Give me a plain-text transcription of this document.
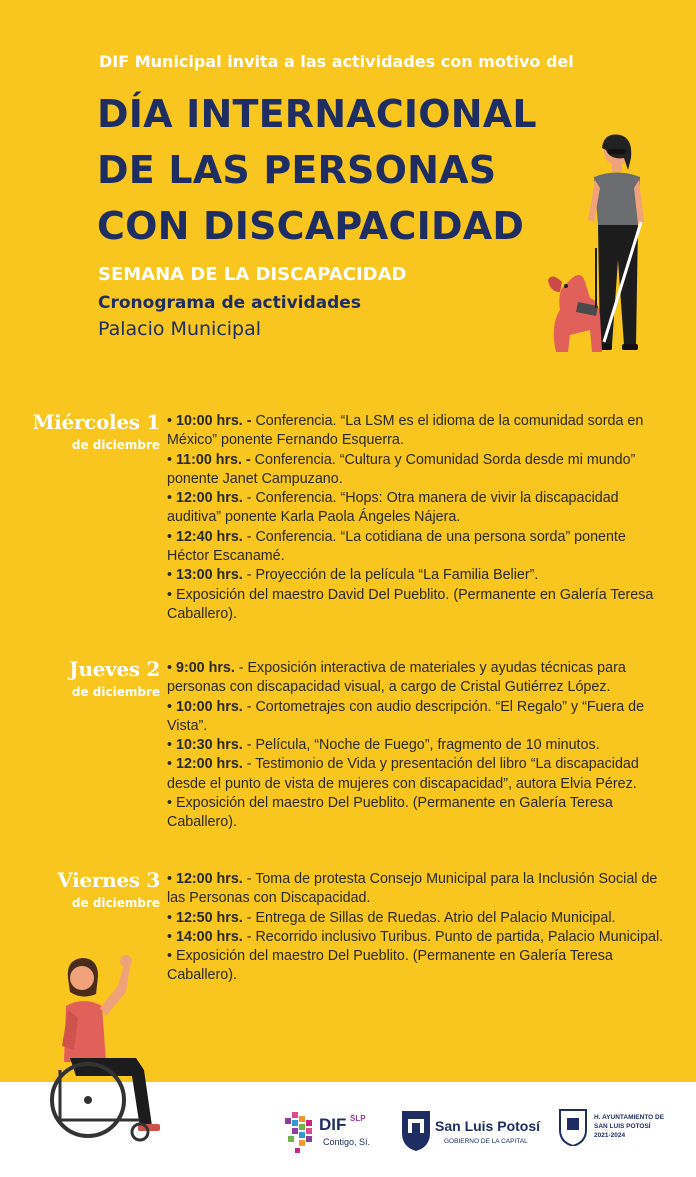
DIF Municipal invita a las actividades con motivo del
DÍA INTERNACIONAL
DE LAS PERSONAS
CON DISCAPACIDAD
SEMANA DE LA DISCAPACIDAD
Cronograma de actividades
Palacio Municipal
Miércoles 1
de diciembre

• 10:00 hrs. - Conferencia. “La LSM es el idioma de la comunidad sorda en México” ponente Fernando Esquerra.

• 11:00 hrs. - Conferencia. “Cultura y Comunidad Sorda desde mi mundo” ponente Janet Campuzano.

• 12:00 hrs. - Conferencia. “Hops: Otra manera de vivir la discapacidad auditiva” ponente Karla Paola Ángeles Nájera.

• 12:40 hrs. - Conferencia. “La cotidiana de una persona sorda” ponente Héctor Escanamé.

• 13:00 hrs. - Proyección de la película “La Familia Belier”.

• Exposición del maestro David Del Pueblito. (Permanente en Galería Teresa Caballero).

Jueves 2
de diciembre

• 9:00 hrs. - Exposición interactiva de materiales y ayudas técnicas para personas con discapacidad visual, a cargo de Cristal Gutiérrez López.

• 10:00 hrs. - Cortometrajes con audio descripción. “El Regalo” y “Fuera de Vista”.

• 10:30 hrs. - Película, “Noche de Fuego”, fragmento de 10 minutos.

• 12:00 hrs. - Testimonio de Vida y presentación del libro “La discapacidad desde el punto de vista de mujeres con discapacidad”, autora Elvia Pérez.

• Exposición del maestro Del Pueblito. (Permanente en Galería Teresa Caballero).

Viernes 3
de diciembre

• 12:00 hrs. - Toma de protesta Consejo Municipal para la Inclusión Social de las Personas con Discapacidad.

• 12:50 hrs. - Entrega de Sillas de Ruedas. Atrio del Palacio Municipal.

• 14:00 hrs. - Recorrido inclusivo Turibus. Punto de partida, Palacio Municipal.

• Exposición del maestro Del Pueblito. (Permanente en Galería Teresa Caballero).

DIF SLP
Contigo, Sí.
San Luis Potosí
GOBIERNO DE LA CAPITAL
H. AYUNTAMIENTO DE
SAN LUIS POTOSÍ
2021-2024
